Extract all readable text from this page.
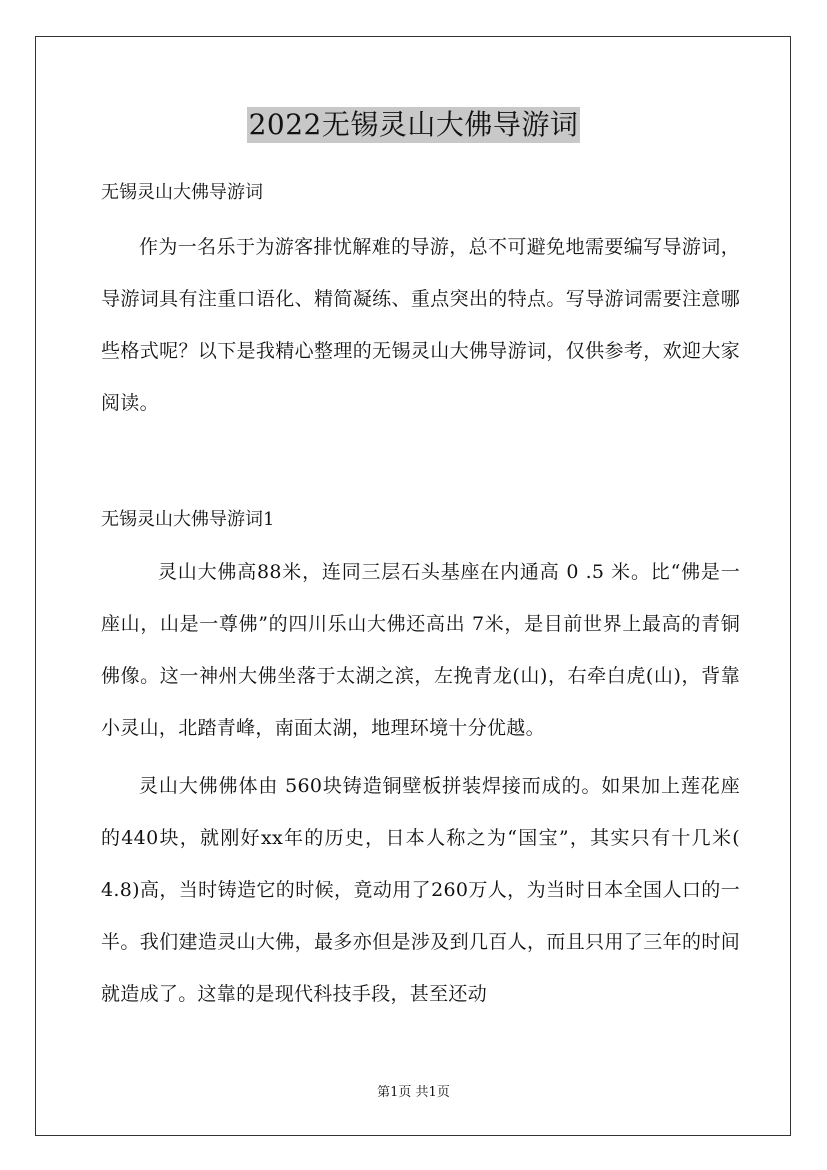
2022无锡灵山大佛导游词

无锡灵山大佛导游词

作为一名乐于为游客排忧解难的导游，总不可避免地需要编写导游词，导游词具有注重口语化、精简凝练、重点突出的特点。写导游词需要注意哪些格式呢？以下是我精心整理的无锡灵山大佛导游词，仅供参考，欢迎大家阅读。

无锡灵山大佛导游词1

灵山大佛高88米，连同三层石头基座在内通高 0 .5 米。比“佛是一座山，山是一尊佛”的四川乐山大佛还高出 7米，是目前世界上最高的青铜佛像。这一神州大佛坐落于太湖之滨，左挽青龙(山)，右牵白虎(山)，背靠小灵山，北踏青峰，南面太湖，地理环境十分优越。

灵山大佛佛体由 560块铸造铜壁板拼装焊接而成的。如果加上莲花座的440块，就刚好xx年的历史，日本人称之为“国宝”，其实只有十几米( 4.8)高，当时铸造它的时候，竟动用了260万人，为当时日本全国人口的一半。我们建造灵山大佛，最多亦但是涉及到几百人，而且只用了三年的时间就造成了。这靠的是现代科技手段，甚至还动

第1页 共1页
